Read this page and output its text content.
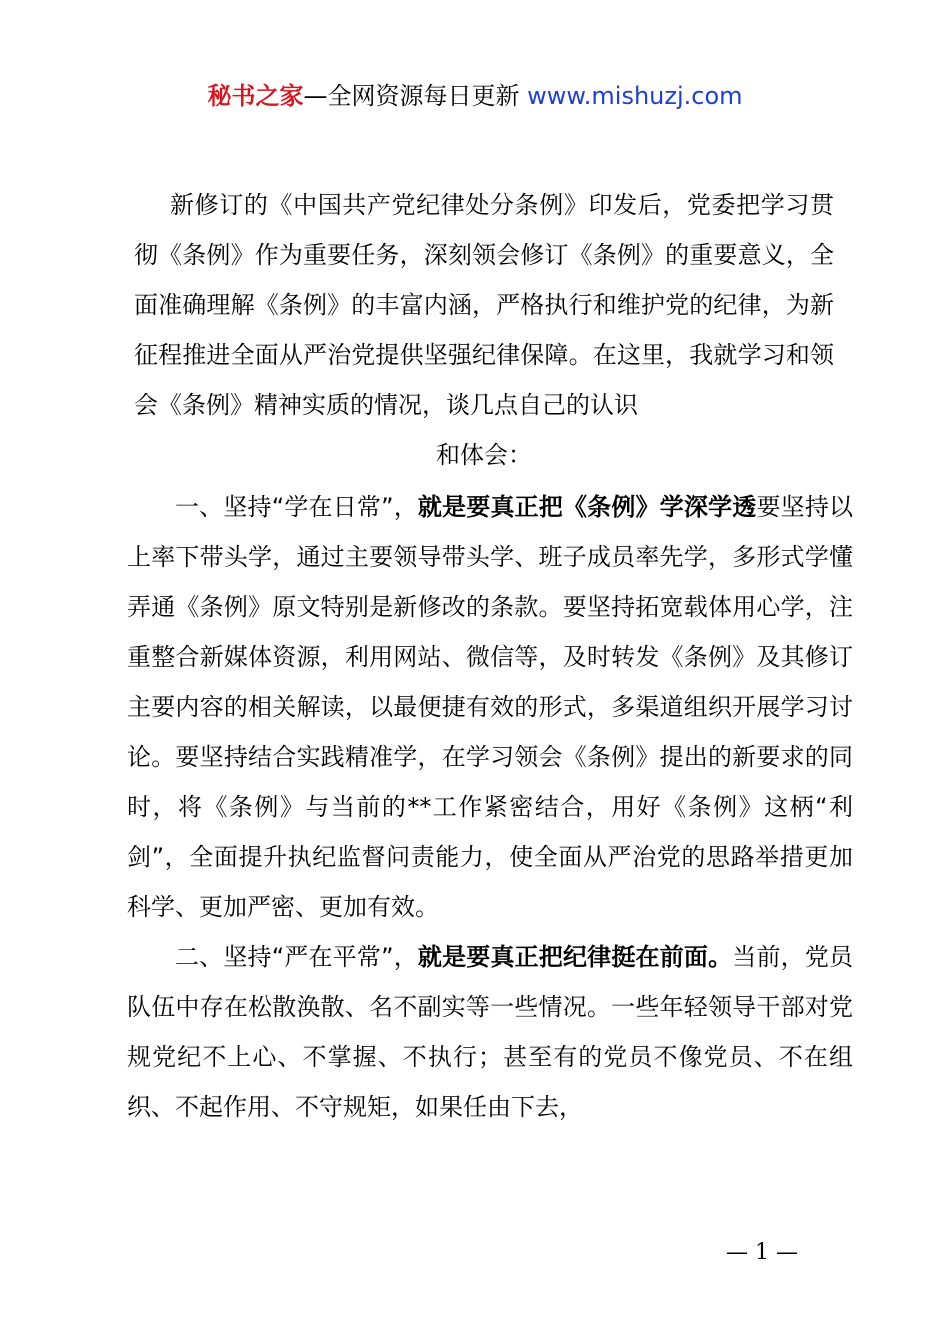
秘书之家—全网资源每日更新 www.mishuzj.com

新修订的《中国共产党纪律处分条例》印发后，党委把学习贯彻《条例》作为重要任务，深刻领会修订《条例》的重要意义，全面准确理解《条例》的丰富内涵，严格执行和维护党的纪律，为新征程推进全面从严治党提供坚强纪律保障。在这里，我就学习和领会《条例》精神实质的情况，谈几点自己的认识

和体会：

一、坚持“学在日常”，就是要真正把《条例》学深学透要坚持以上率下带头学，通过主要领导带头学、班子成员率先学，多形式学懂弄通《条例》原文特别是新修改的条款。要坚持拓宽载体用心学，注重整合新媒体资源，利用网站、微信等，及时转发《条例》及其修订主要内容的相关解读，以最便捷有效的形式，多渠道组织开展学习讨论。要坚持结合实践精准学，在学习领会《条例》提出的新要求的同时，将《条例》与当前的**工作紧密结合，用好《条例》这柄“利剑”，全面提升执纪监督问责能力，使全面从严治党的思路举措更加科学、更加严密、更加有效。

二、坚持“严在平常”，就是要真正把纪律挺在前面。当前，党员队伍中存在松散涣散、名不副实等一些情况。一些年轻领导干部对党规党纪不上心、不掌握、不执行；甚至有的党员不像党员、不在组织、不起作用、不守规矩，如果任由下去，

— 1 —
